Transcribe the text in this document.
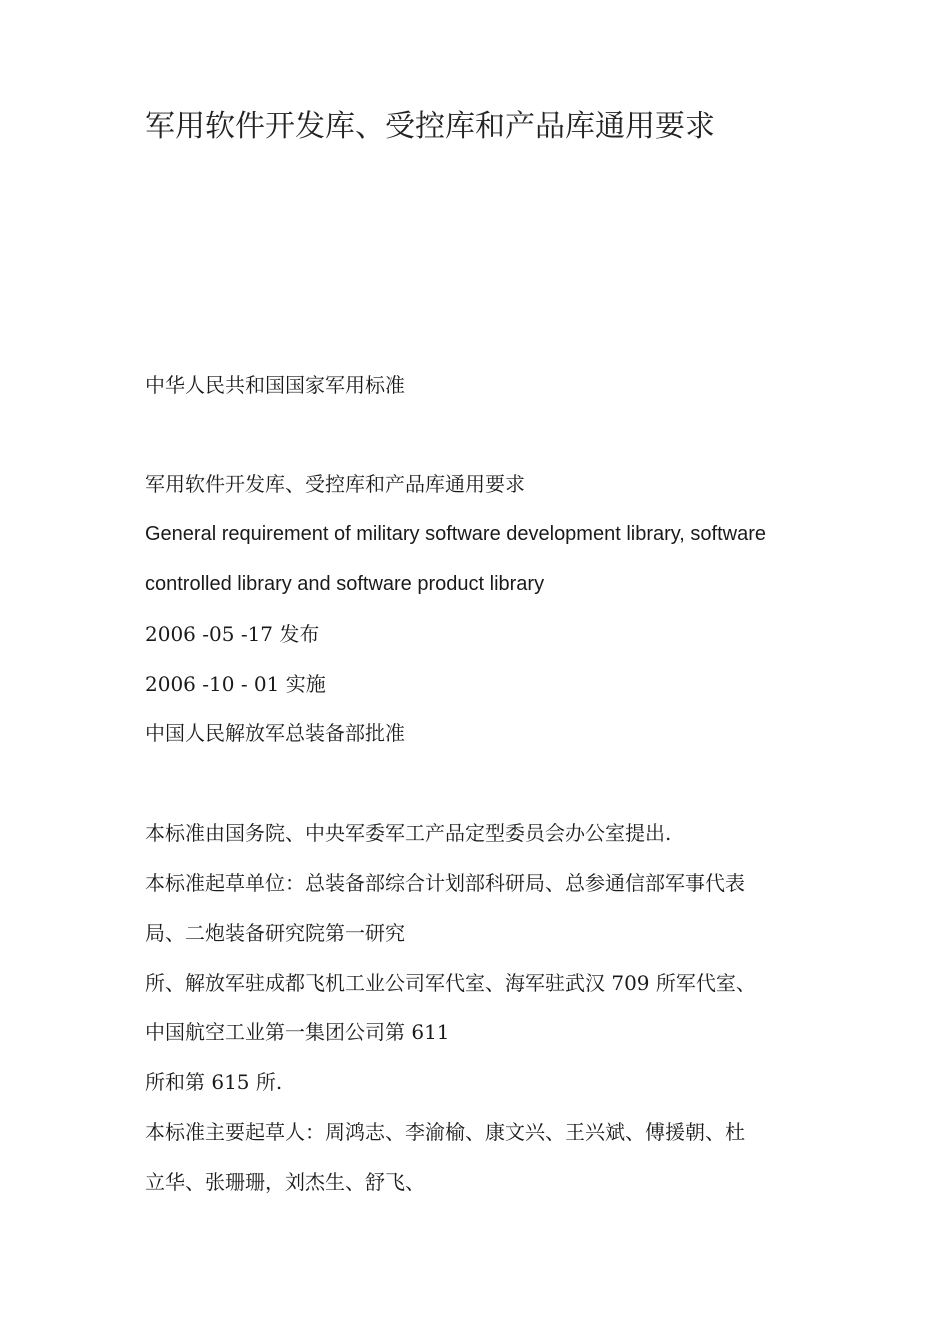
军用软件开发库、受控库和产品库通用要求
中华人民共和国国家军用标准
军用软件开发库、受控库和产品库通用要求
General requirement of military software development library, software
controlled library and software product library
2006 -05 -17 发布
2006 -10 - 01 实施
中国人民解放军总装备部批准
本标准由国务院、中央军委军工产品定型委员会办公室提出.
本标准起草单位：总装备部综合计划部科研局、总参通信部军事代表
局、二炮装备研究院第一研究
所、解放军驻成都飞机工业公司军代室、海军驻武汉 709 所军代室、
中国航空工业第一集团公司第 611
所和第 615 所.
本标准主要起草人：周鸿志、李渝榆、康文兴、王兴斌、傅援朝、杜
立华、张珊珊，刘杰生、舒飞、
